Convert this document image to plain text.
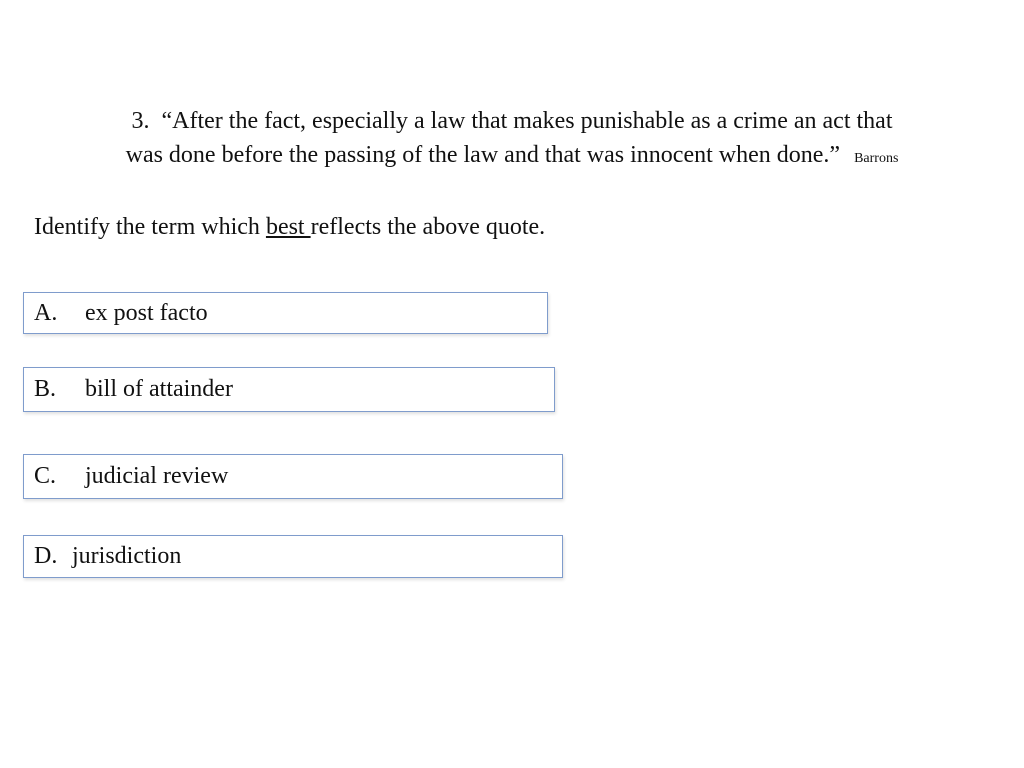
3. “After the fact, especially a law that makes punishable as a crime an act that
was done before the passing of the law and that was innocent when done.” Barrons

Identify the term which best reflects the above quote.

A.	ex post facto
B.	bill of attainder
C.	judicial review
D. jurisdiction
